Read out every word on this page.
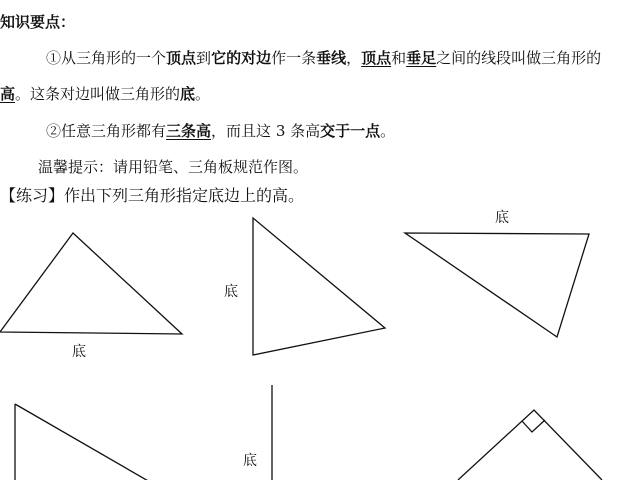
知识要点：
①从三角形的一个顶点到它的对边作一条垂线，顶点和垂足之间的线段叫做三角形的
高。这条对边叫做三角形的底。
②任意三角形都有三条高，而且这 3 条高交于一点。
温馨提示：请用铅笔、三角板规范作图。
【练习】作出下列三角形指定底边上的高。
底
底
底
底
